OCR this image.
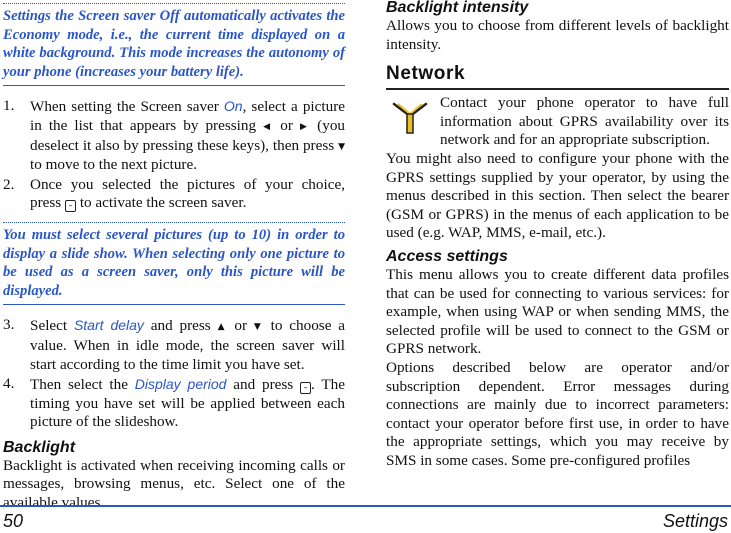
Settings the Screen saver Off automatically activates the Economy mode, i.e., the current time displayed on a white background. This mode increases the autonomy of your phone (increases your battery life).

1. When setting the Screen saver On, select a picture in the list that appears by pressing ◀ or ▶ (you deselect it also by pressing these keys), then press ▼ to move to the next picture.
2. Once you selected the pictures of your choice, press – to activate the screen saver.

You must select several pictures (up to 10) in order to display a slide show. When selecting only one picture to be used as a screen saver, only this picture will be displayed.

3. Select Start delay and press ▲ or ▼ to choose a value. When in idle mode, the screen saver will start according to the time limit you have set.
4. Then select the Display period and press – . The timing you have set will be applied between each picture of the slideshow.
Backlight

Backlight is activated when receiving incoming calls or messages, browsing menus, etc. Select one of the available values.

Backlight intensity

Allows you to choose from different levels of backlight intensity.

Network

Contact your phone operator to have full information about GPRS availability over its network and for an appropriate subscription.

You might also need to configure your phone with the GPRS settings supplied by your operator, by using the menus described in this section. Then select the bearer (GSM or GPRS) in the menus of each application to be used (e.g. WAP, MMS, e-mail, etc.).

Access settings

This menu allows you to create different data profiles that can be used for connecting to various services: for example, when using WAP or when sending MMS, the selected profile will be used to connect to the GSM or GPRS network.

Options described below are operator and/or subscription dependent. Error messages during connections are mainly due to incorrect parameters: contact your operator before first use, in order to have the appropriate settings, which you may receive by SMS in some cases. Some pre-configured profiles

50	Settings
